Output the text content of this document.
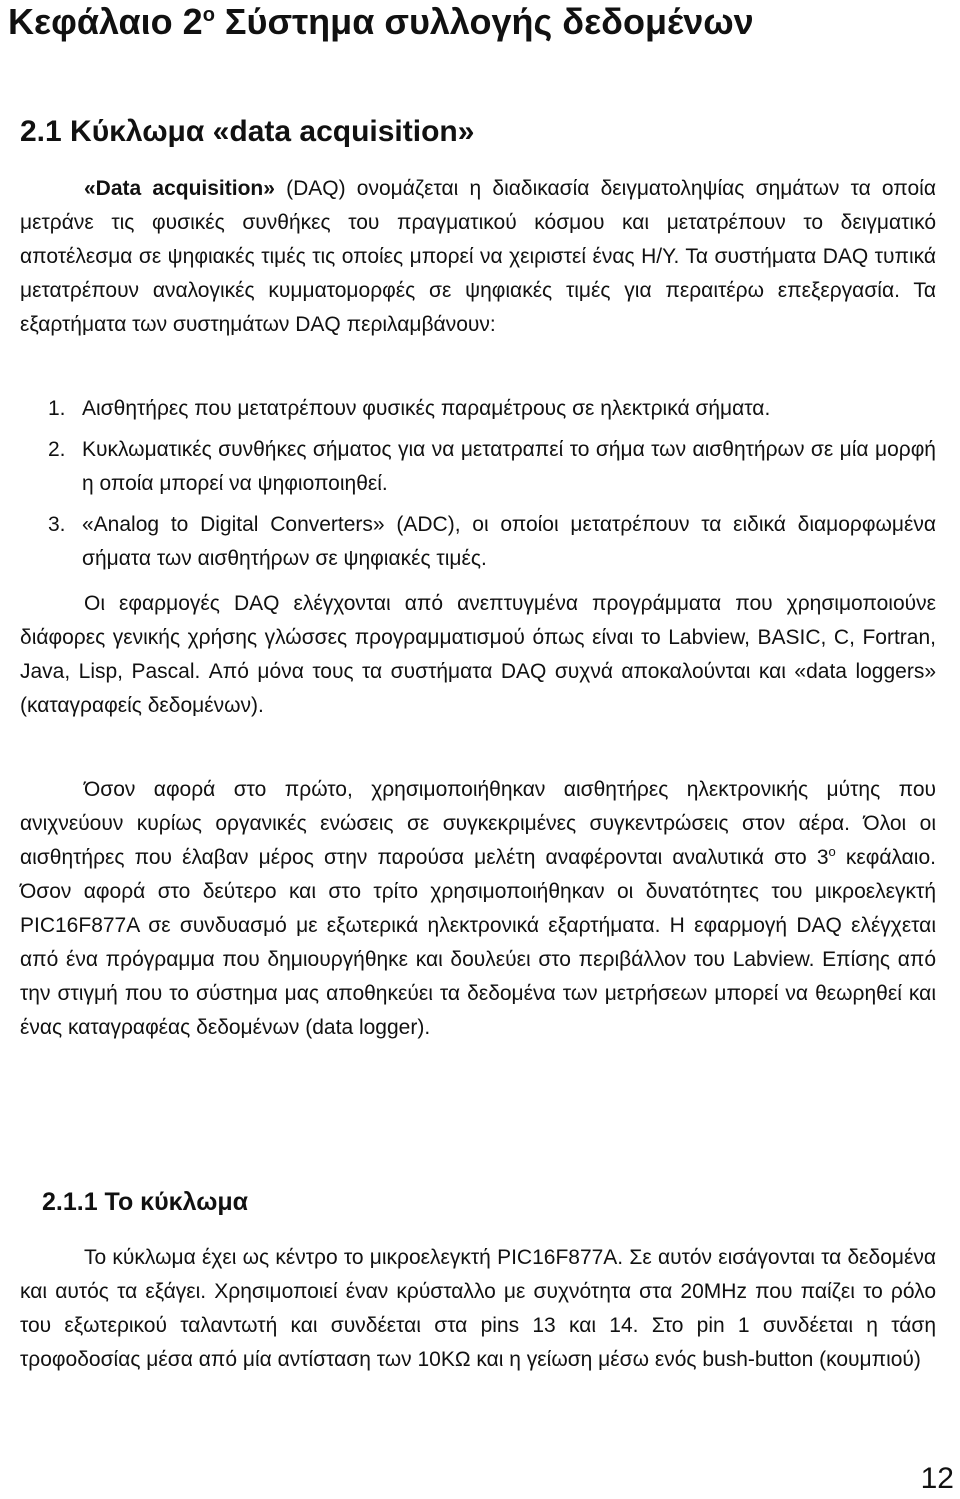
Κεφάλαιο $2^o$ Σύστημα συλλογής δεδομένων
2.1 Κύκλωμα «data acquisition»

«Data acquisition» (DAQ) ονομάζεται η διαδικασία δειγματοληψίας σημάτων τα οποία μετράνε τις φυσικές συνθήκες του πραγματικού κόσμου και μετατρέπουν το δειγματικό αποτέλεσμα σε ψηφιακές τιμές τις οποίες μπορεί να χειριστεί ένας Η/Υ. Τα συστήματα DAQ τυπικά μετατρέπουν αναλογικές κυμματομορφές σε ψηφιακές τιμές για περαιτέρω επεξεργασία. Τα εξαρτήματα των συστημάτων DAQ περιλαμβάνουν:

1. Αισθητήρες που μετατρέπουν φυσικές παραμέτρους σε ηλεκτρικά σήματα.
2. Κυκλωματικές συνθήκες σήματος για να μετατραπεί το σήμα των αισθητήρων σε μία μορφή η οποία μπορεί να ψηφιοποιηθεί.
3. «Analog to Digital Converters» (ADC), οι οποίοι μετατρέπουν τα ειδικά διαμορφωμένα σήματα των αισθητήρων σε ψηφιακές τιμές.

Οι εφαρμογές DAQ ελέγχονται από ανεπτυγμένα προγράμματα που χρησιμοποιούνε διάφορες γενικής χρήσης γλώσσες προγραμματισμού όπως είναι το Labview, BASIC, C, Fortran, Java, Lisp, Pascal. Από μόνα τους τα συστήματα DAQ συχνά αποκαλούνται και «data loggers» (καταγραφείς δεδομένων).

Όσον αφορά στο πρώτο, χρησιμοποιήθηκαν αισθητήρες ηλεκτρονικής μύτης που ανιχνεύουν κυρίως οργανικές ενώσεις σε συγκεκριμένες συγκεντρώσεις στον αέρα. Όλοι οι αισθητήρες που έλαβαν μέρος στην παρούσα μελέτη αναφέρονται αναλυτικά στο $3^o$ κεφάλαιο. Όσον αφορά στο δεύτερο και στο τρίτο χρησιμοποιήθηκαν οι δυνατότητες του μικροελεγκτή PIC16F877A σε συνδυασμό με εξωτερικά ηλεκτρονικά εξαρτήματα. Η εφαρμογή DAQ ελέγχεται από ένα πρόγραμμα που δημιουργήθηκε και δουλεύει στο περιβάλλον του Labview. Επίσης από την στιγμή που το σύστημα μας αποθηκεύει τα δεδομένα των μετρήσεων μπορεί να θεωρηθεί και ένας καταγραφέας δεδομένων (data logger).

2.1.1 Το κύκλωμα

Το κύκλωμα έχει ως κέντρο το μικροελεγκτή PIC16F877A. Σε αυτόν εισάγονται τα δεδομένα και αυτός τα εξάγει. Χρησιμοποιεί έναν κρύσταλλο με συχνότητα στα 20MHz που παίζει το ρόλο του εξωτερικού ταλαντωτή και συνδέεται στα pins 13 και 14. Στο pin 1 συνδέεται η τάση τροφοδοσίας μέσα από μία αντίσταση των 10ΚΩ και η γείωση μέσω ενός bush-button (κουμπιού)

12
